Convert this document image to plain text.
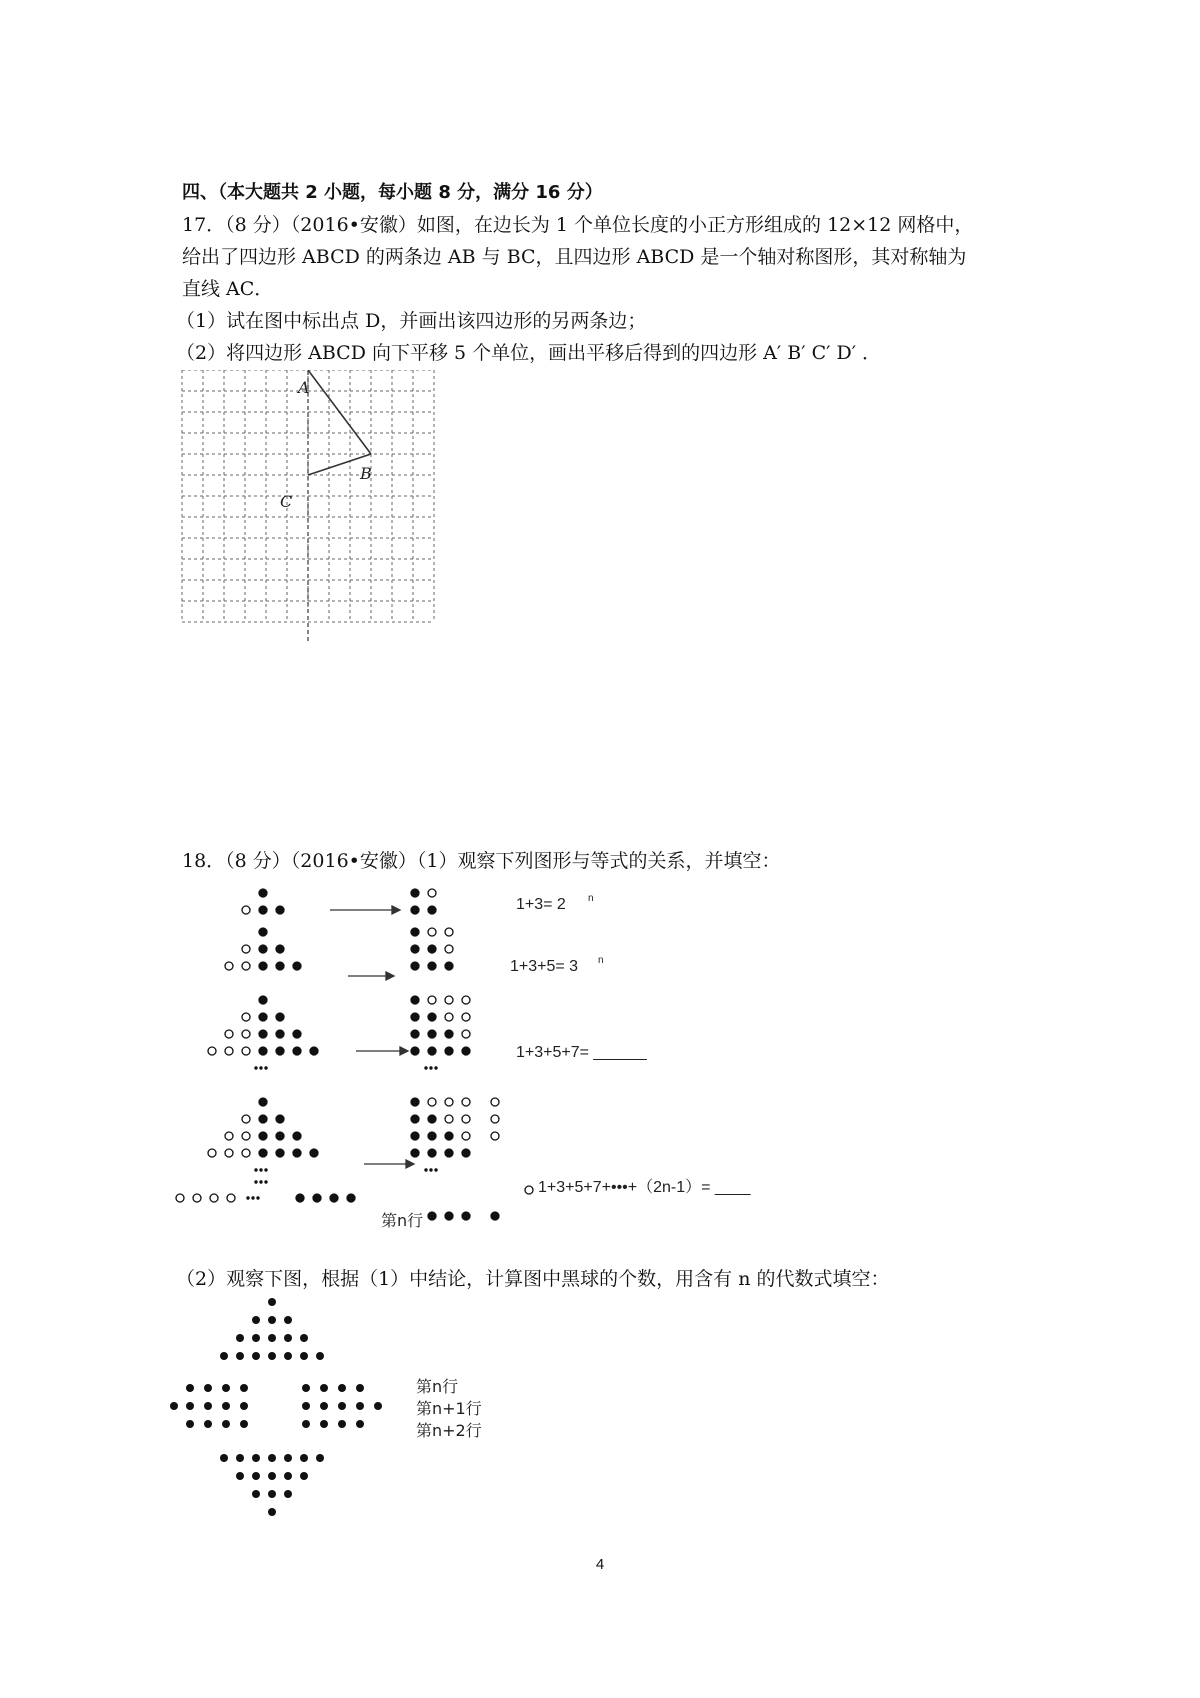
四、（本大题共 2 小题，每小题 8 分，满分 16 分）
17．（8 分）（2016•安徽）如图，在边长为 1 个单位长度的小正方形组成的 12×12 网格中，
给出了四边形 ABCD 的两条边 AB 与 BC，且四边形 ABCD 是一个轴对称图形，其对称轴为
直线 AC．
（1）试在图中标出点 D，并画出该四边形的另两条边；
（2）将四边形 ABCD 向下平移 5 个单位，画出平移后得到的四边形 A′ B′ C′ D′ ．
A
B
C
18．（8 分）（2016•安徽）（1）观察下列图形与等式的关系，并填空：
1+3= 2 n
1+3+5= 3 n
1+3+5+7= ______
1+3+5+7+•••+（2n-1）= ____
第n行
（2）观察下图，根据（1）中结论，计算图中黑球的个数，用含有 n 的代数式填空：
第n行
第n+1行
第n+2行
4
